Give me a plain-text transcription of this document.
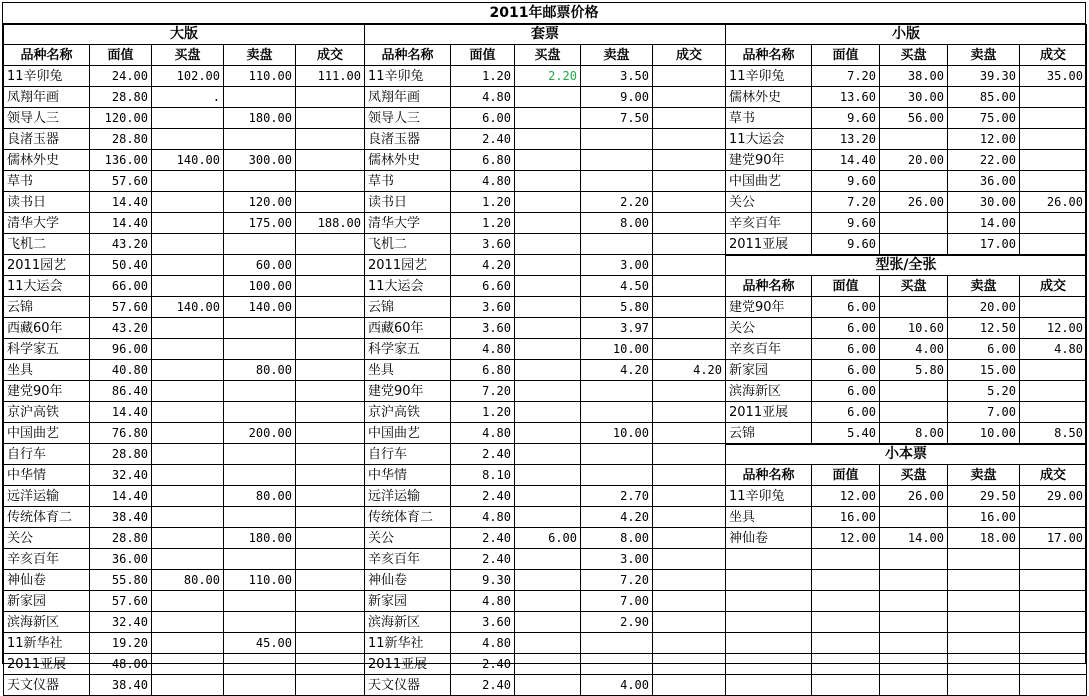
2011年邮票价格
大版				
品种名称	面值	买盘	卖盘	成交
11辛卯兔	24.00	102.00	110.00	111.00
凤翔年画	28.80	.		
领导人三	120.00		180.00	
良渚玉器	28.80			
儒林外史	136.00	140.00	300.00	
草书	57.60			
读书日	14.40		120.00	
清华大学	14.40		175.00	188.00
飞机二	43.20			
2011园艺	50.40		60.00	
11大运会	66.00		100.00	
云锦	57.60	140.00	140.00	
西藏60年	43.20			
科学家五	96.00			
坐具	40.80		80.00	
建党90年	86.40			
京沪高铁	14.40			
中国曲艺	76.80		200.00	
自行车	28.80			
中华情	32.40			
远洋运输	14.40		80.00	
传统体育二	38.40			
关公	28.80		180.00	
辛亥百年	36.00			
神仙卷	55.80	80.00	110.00	
新家园	57.60			
滨海新区	32.40			
11新华社	19.20		45.00	
2011亚展	48.00			
天文仪器	38.40			
套票				
品种名称	面值	买盘	卖盘	成交
11辛卯兔	1.20	2.20	3.50	
凤翔年画	4.80		9.00	
领导人三	6.00		7.50	
良渚玉器	2.40			
儒林外史	6.80			
草书	4.80			
读书日	1.20		2.20	
清华大学	1.20		8.00	
飞机二	3.60			
2011园艺	4.20		3.00	
11大运会	6.60		4.50	
云锦	3.60		5.80	
西藏60年	3.60		3.97	
科学家五	4.80		10.00	
坐具	6.80		4.20	4.20
建党90年	7.20			
京沪高铁	1.20			
中国曲艺	4.80		10.00	
自行车	2.40			
中华情	8.10			
远洋运输	2.40		2.70	
传统体育二	4.80		4.20	
关公	2.40	6.00	8.00	
辛亥百年	2.40		3.00	
神仙卷	9.30		7.20	
新家园	4.80		7.00	
滨海新区	3.60		2.90	
11新华社	4.80			
2011亚展	2.40			
天文仪器	2.40		4.00	
小版				
品种名称	面值	买盘	卖盘	成交
11辛卯兔	7.20	38.00	39.30	35.00
儒林外史	13.60	30.00	85.00	
草书	9.60	56.00	75.00	
11大运会	13.20		12.00	
建党90年	14.40	20.00	22.00	
中国曲艺	9.60		36.00	
关公	7.20	26.00	30.00	26.00
辛亥百年	9.60		14.00	
2011亚展	9.60		17.00	
型张/全张				
品种名称	面值	买盘	卖盘	成交
建党90年	6.00		20.00	
关公	6.00	10.60	12.50	12.00
辛亥百年	6.00	4.00	6.00	4.80
新家园	6.00	5.80	15.00	
滨海新区	6.00		5.20	
2011亚展	6.00		7.00	
云锦	5.40	8.00	10.00	8.50
小本票				
品种名称	面值	买盘	卖盘	成交
11辛卯兔	12.00	26.00	29.50	29.00
坐具	16.00		16.00	
神仙卷	12.00	14.00	18.00	17.00
